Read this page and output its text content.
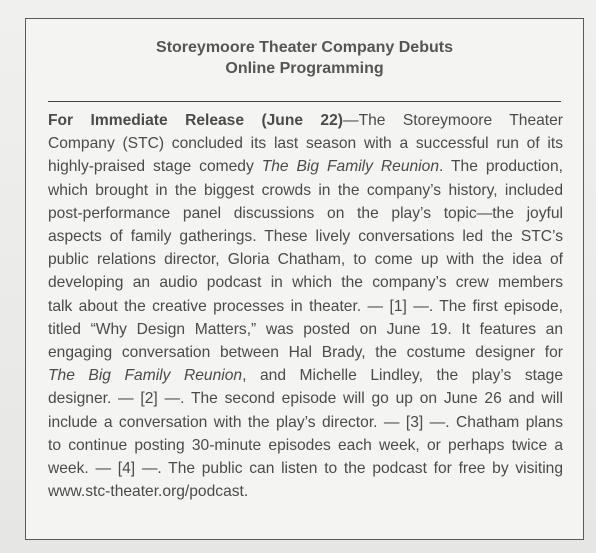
Storeymoore Theater Company Debuts
Online Programming
For Immediate Release (June 22)—The Storeymoore Theater
Company (STC) concluded its last season with a successful run of its
highly-praised stage comedy The Big Family Reunion. The production,
which brought in the biggest crowds in the company’s history, included
post-performance panel discussions on the play’s topic—the joyful
aspects of family gatherings. These lively conversations led the STC’s
public relations director, Gloria Chatham, to come up with the idea of
developing an audio podcast in which the company’s crew members
talk about the creative processes in theater. — [1] —. The first episode,
titled “Why Design Matters,” was posted on June 19. It features an
engaging conversation between Hal Brady, the costume designer for
The Big Family Reunion, and Michelle Lindley, the play’s stage
designer. — [2] —. The second episode will go up on June 26 and will
include a conversation with the play’s director. — [3] —. Chatham plans
to continue posting 30-minute episodes each week, or perhaps twice a
week. — [4] —. The public can listen to the podcast for free by visiting
www.stc-theater.org/podcast.
